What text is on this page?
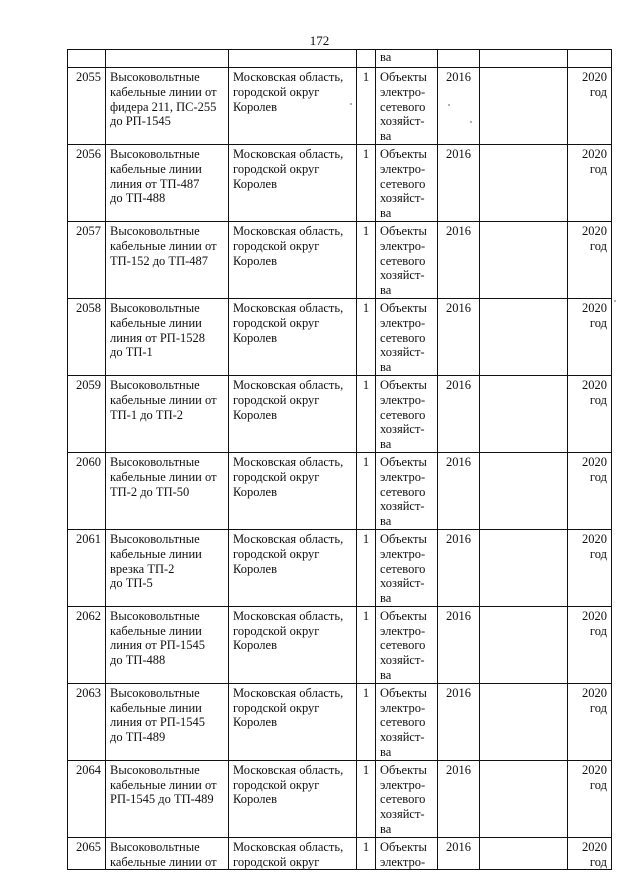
172

				ва			

2055	Высоковольтные
кабельные линии от
фидера 211, ПС-255
до РП-1545	Московская область,
городской округ
Королев	1	Объекты
электро-
сетевого
хозяйст-
ва	2016		2020
год

2056	Высоковольтные
кабельные линии
линия от ТП-487
до ТП-488	Московская область,
городской округ
Королев	1	Объекты
электро-
сетевого
хозяйст-
ва	2016		2020
год

2057	Высоковольтные
кабельные линии от
ТП-152 до ТП-487	Московская область,
городской округ
Королев	1	Объекты
электро-
сетевого
хозяйст-
ва	2016		2020
год

2058	Высоковольтные
кабельные линии
линия от РП-1528
до ТП-1	Московская область,
городской округ
Королев	1	Объекты
электро-
сетевого
хозяйст-
ва	2016		2020
год

2059	Высоковольтные
кабельные линии от
ТП-1 до ТП-2	Московская область,
городской округ
Королев	1	Объекты
электро-
сетевого
хозяйст-
ва	2016		2020
год

2060	Высоковольтные
кабельные линии от
ТП-2 до ТП-50	Московская область,
городской округ
Королев	1	Объекты
электро-
сетевого
хозяйст-
ва	2016		2020
год

2061	Высоковольтные
кабельные линии
врезка ТП-2
до ТП-5	Московская область,
городской округ
Королев	1	Объекты
электро-
сетевого
хозяйст-
ва	2016		2020
год

2062	Высоковольтные
кабельные линии
линия от РП-1545
до ТП-488	Московская область,
городской округ
Королев	1	Объекты
электро-
сетевого
хозяйст-
ва	2016		2020
год

2063	Высоковольтные
кабельные линии
линия от РП-1545
до ТП-489	Московская область,
городской округ
Королев	1	Объекты
электро-
сетевого
хозяйст-
ва	2016		2020
год

2064	Высоковольтные
кабельные линии от
РП-1545 до ТП-489	Московская область,
городской округ
Королев	1	Объекты
электро-
сетевого
хозяйст-
ва	2016		2020
год

2065	Высоковольтные
кабельные линии от	Московская область,
городской округ	1	Объекты
электро-	2016		2020
год
